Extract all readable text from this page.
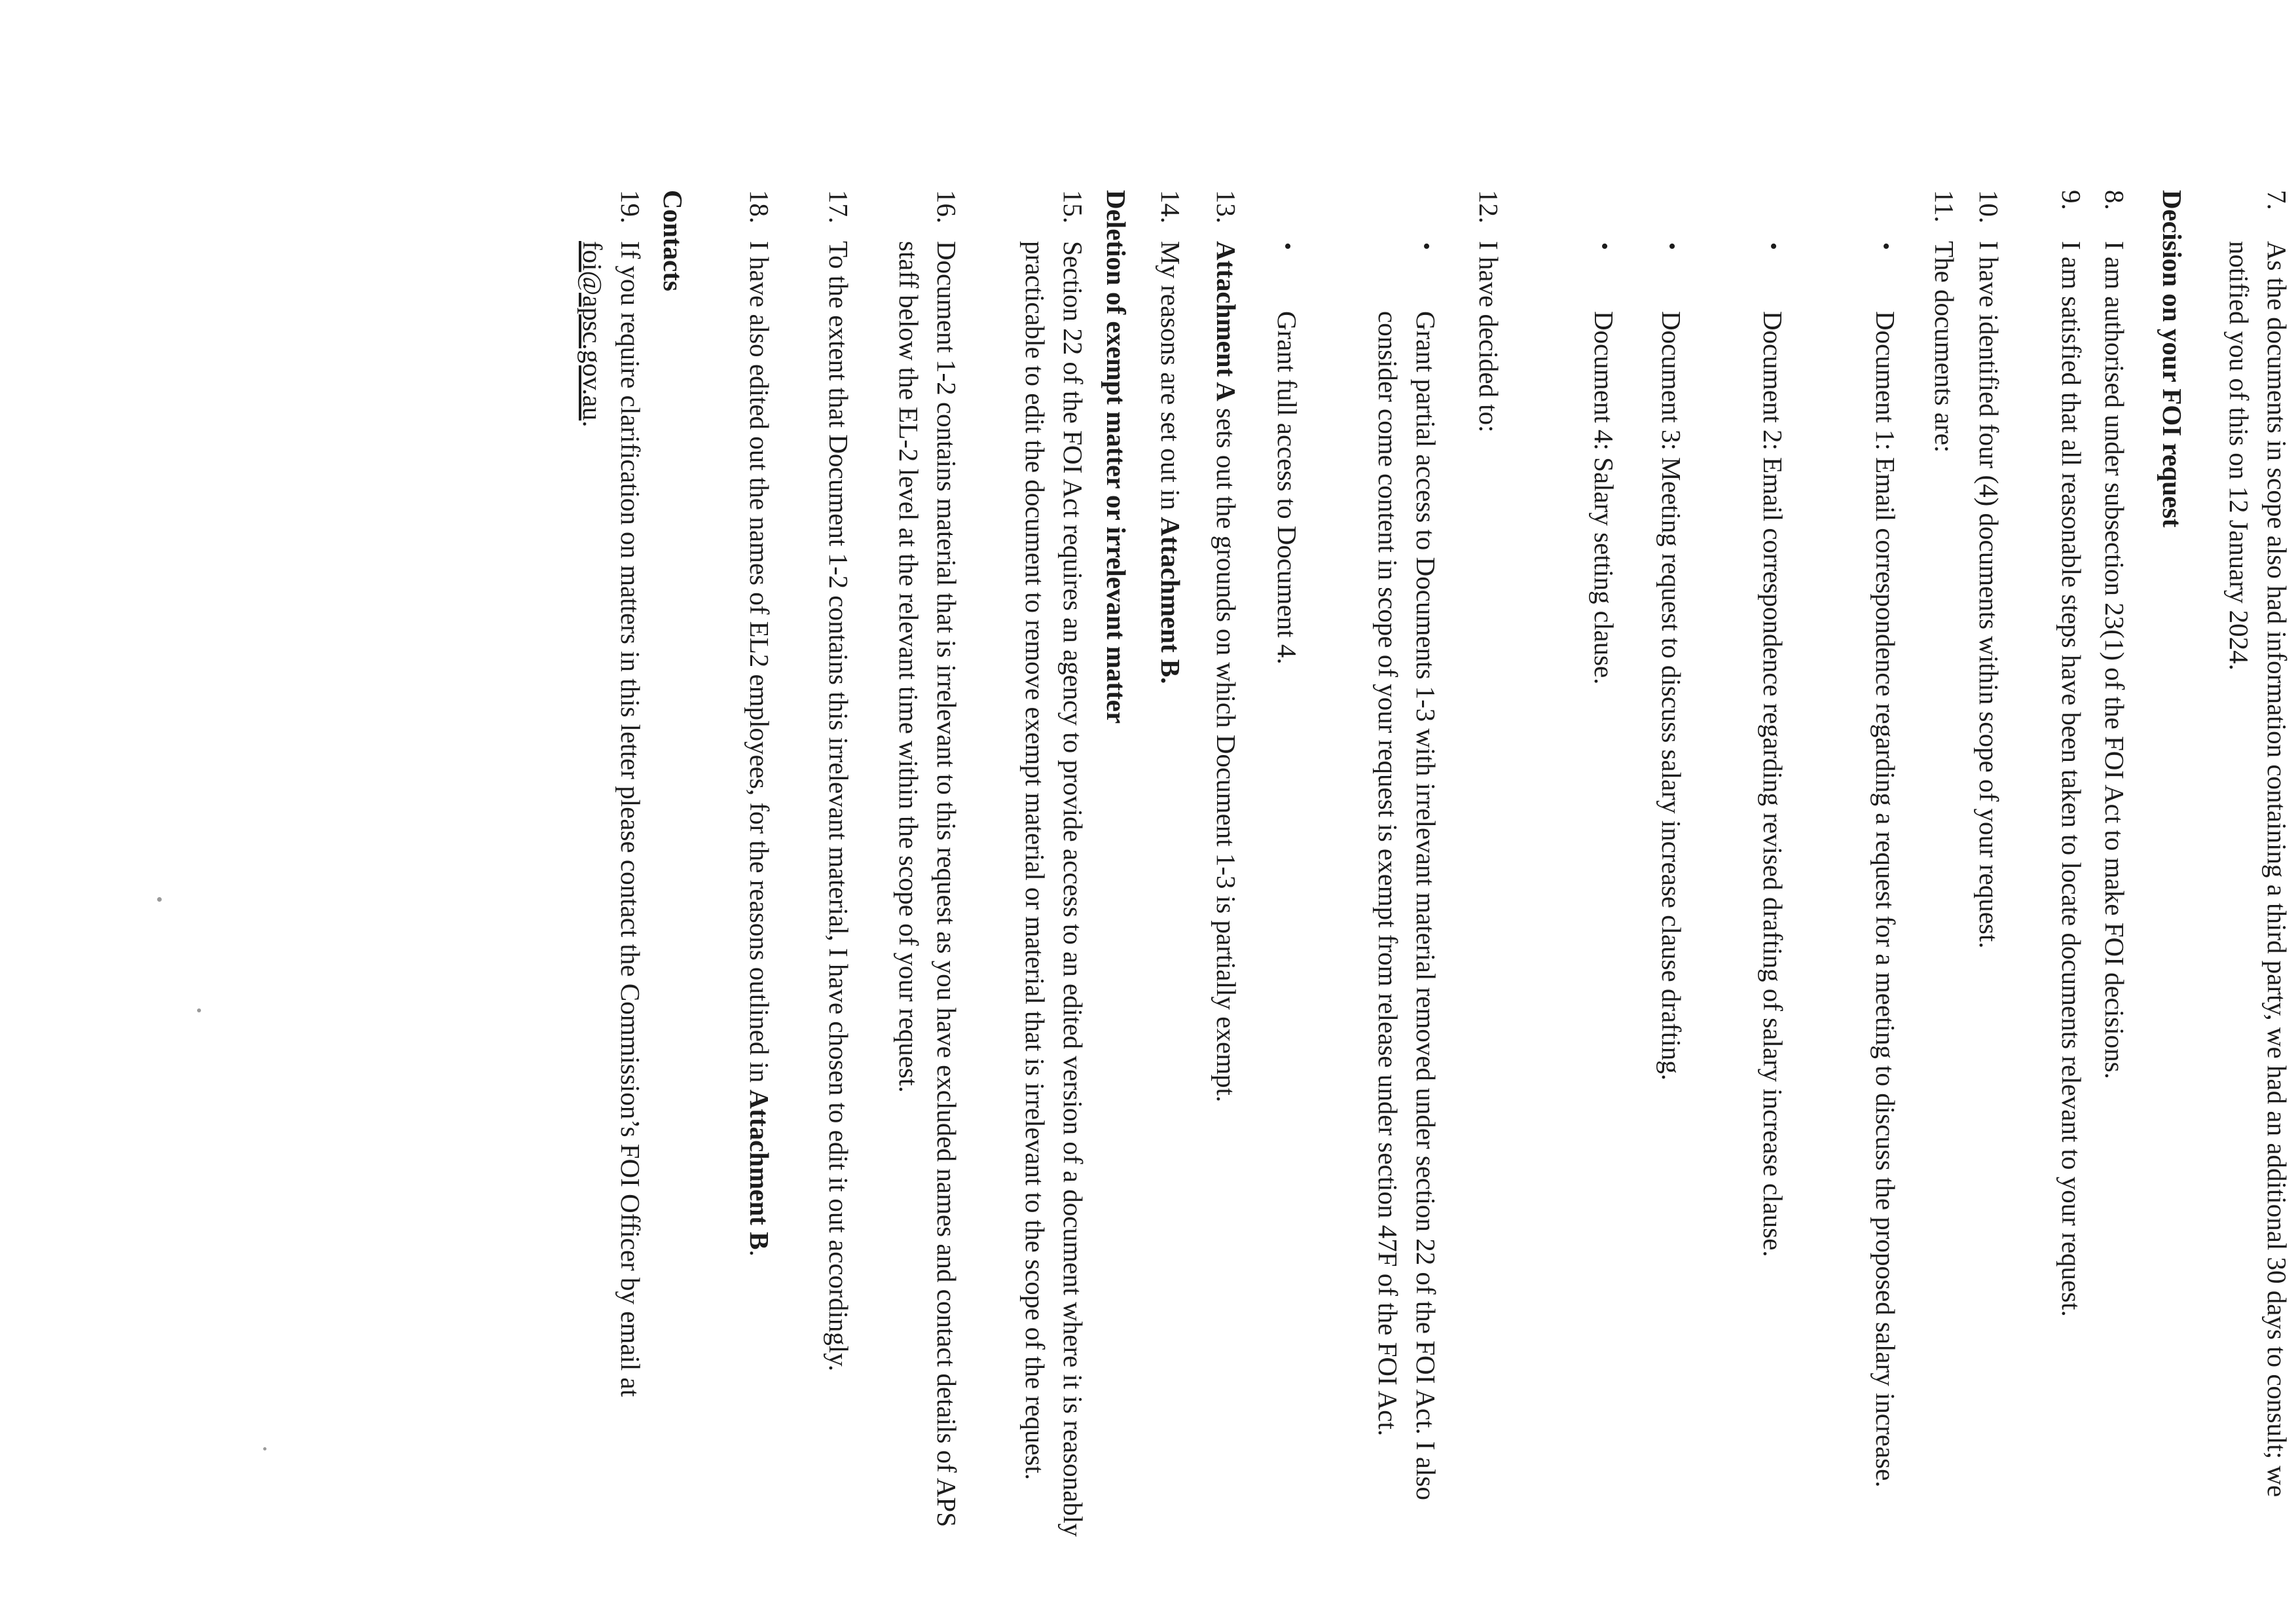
7.
As the documents in scope also had information containing a third party, we had an additional 30 days to consult; we notified you of this on 12 January 2024.

Decision on your FOI request

8.
I am authorised under subsection 23(1) of the FOI Act to make FOI decisions.

9.
I am satisfied that all reasonable steps have been taken to locate documents relevant to your request.

10.
I have identified four (4) documents within scope of your request.

11.
The documents are:

•
Document 1: Email correspondence regarding a request for a meeting to discuss the proposed salary increase.

•
Document 2: Email correspondence regarding revised drafting of salary increase clause.

•
Document 3: Meeting request to discuss salary increase clause drafting.

•
Document 4: Salary setting clause.

12.
I have decided to:

•
Grant partial access to Documents 1-3 with irrelevant material removed under section 22 of the FOI Act. I also consider come content in scope of your request is exempt from release under section 47F of the FOI Act.

•
Grant full access to Document 4.

13.
Attachment A sets out the grounds on which Document 1-3 is partially exempt.

14.
My reasons are set out in Attachment B.

Deletion of exempt matter or irrelevant matter

15.
Section 22 of the FOI Act requires an agency to provide access to an edited version of a document where it is reasonably practicable to edit the document to remove exempt material or material that is irrelevant to the scope of the request.

16.
Document 1-2 contains material that is irrelevant to this request as you have excluded names and contact details of APS staff below the EL-2 level at the relevant time within the scope of your request.

17.
To the extent that Document 1-2 contains this irrelevant material, I have chosen to edit it out accordingly.

18.
I have also edited out the names of EL2 employees, for the reasons outlined in Attachment B.

Contacts

19.
If you require clarification on matters in this letter please contact the Commission’s FOI Officer by email at foi@apsc.gov.au.
